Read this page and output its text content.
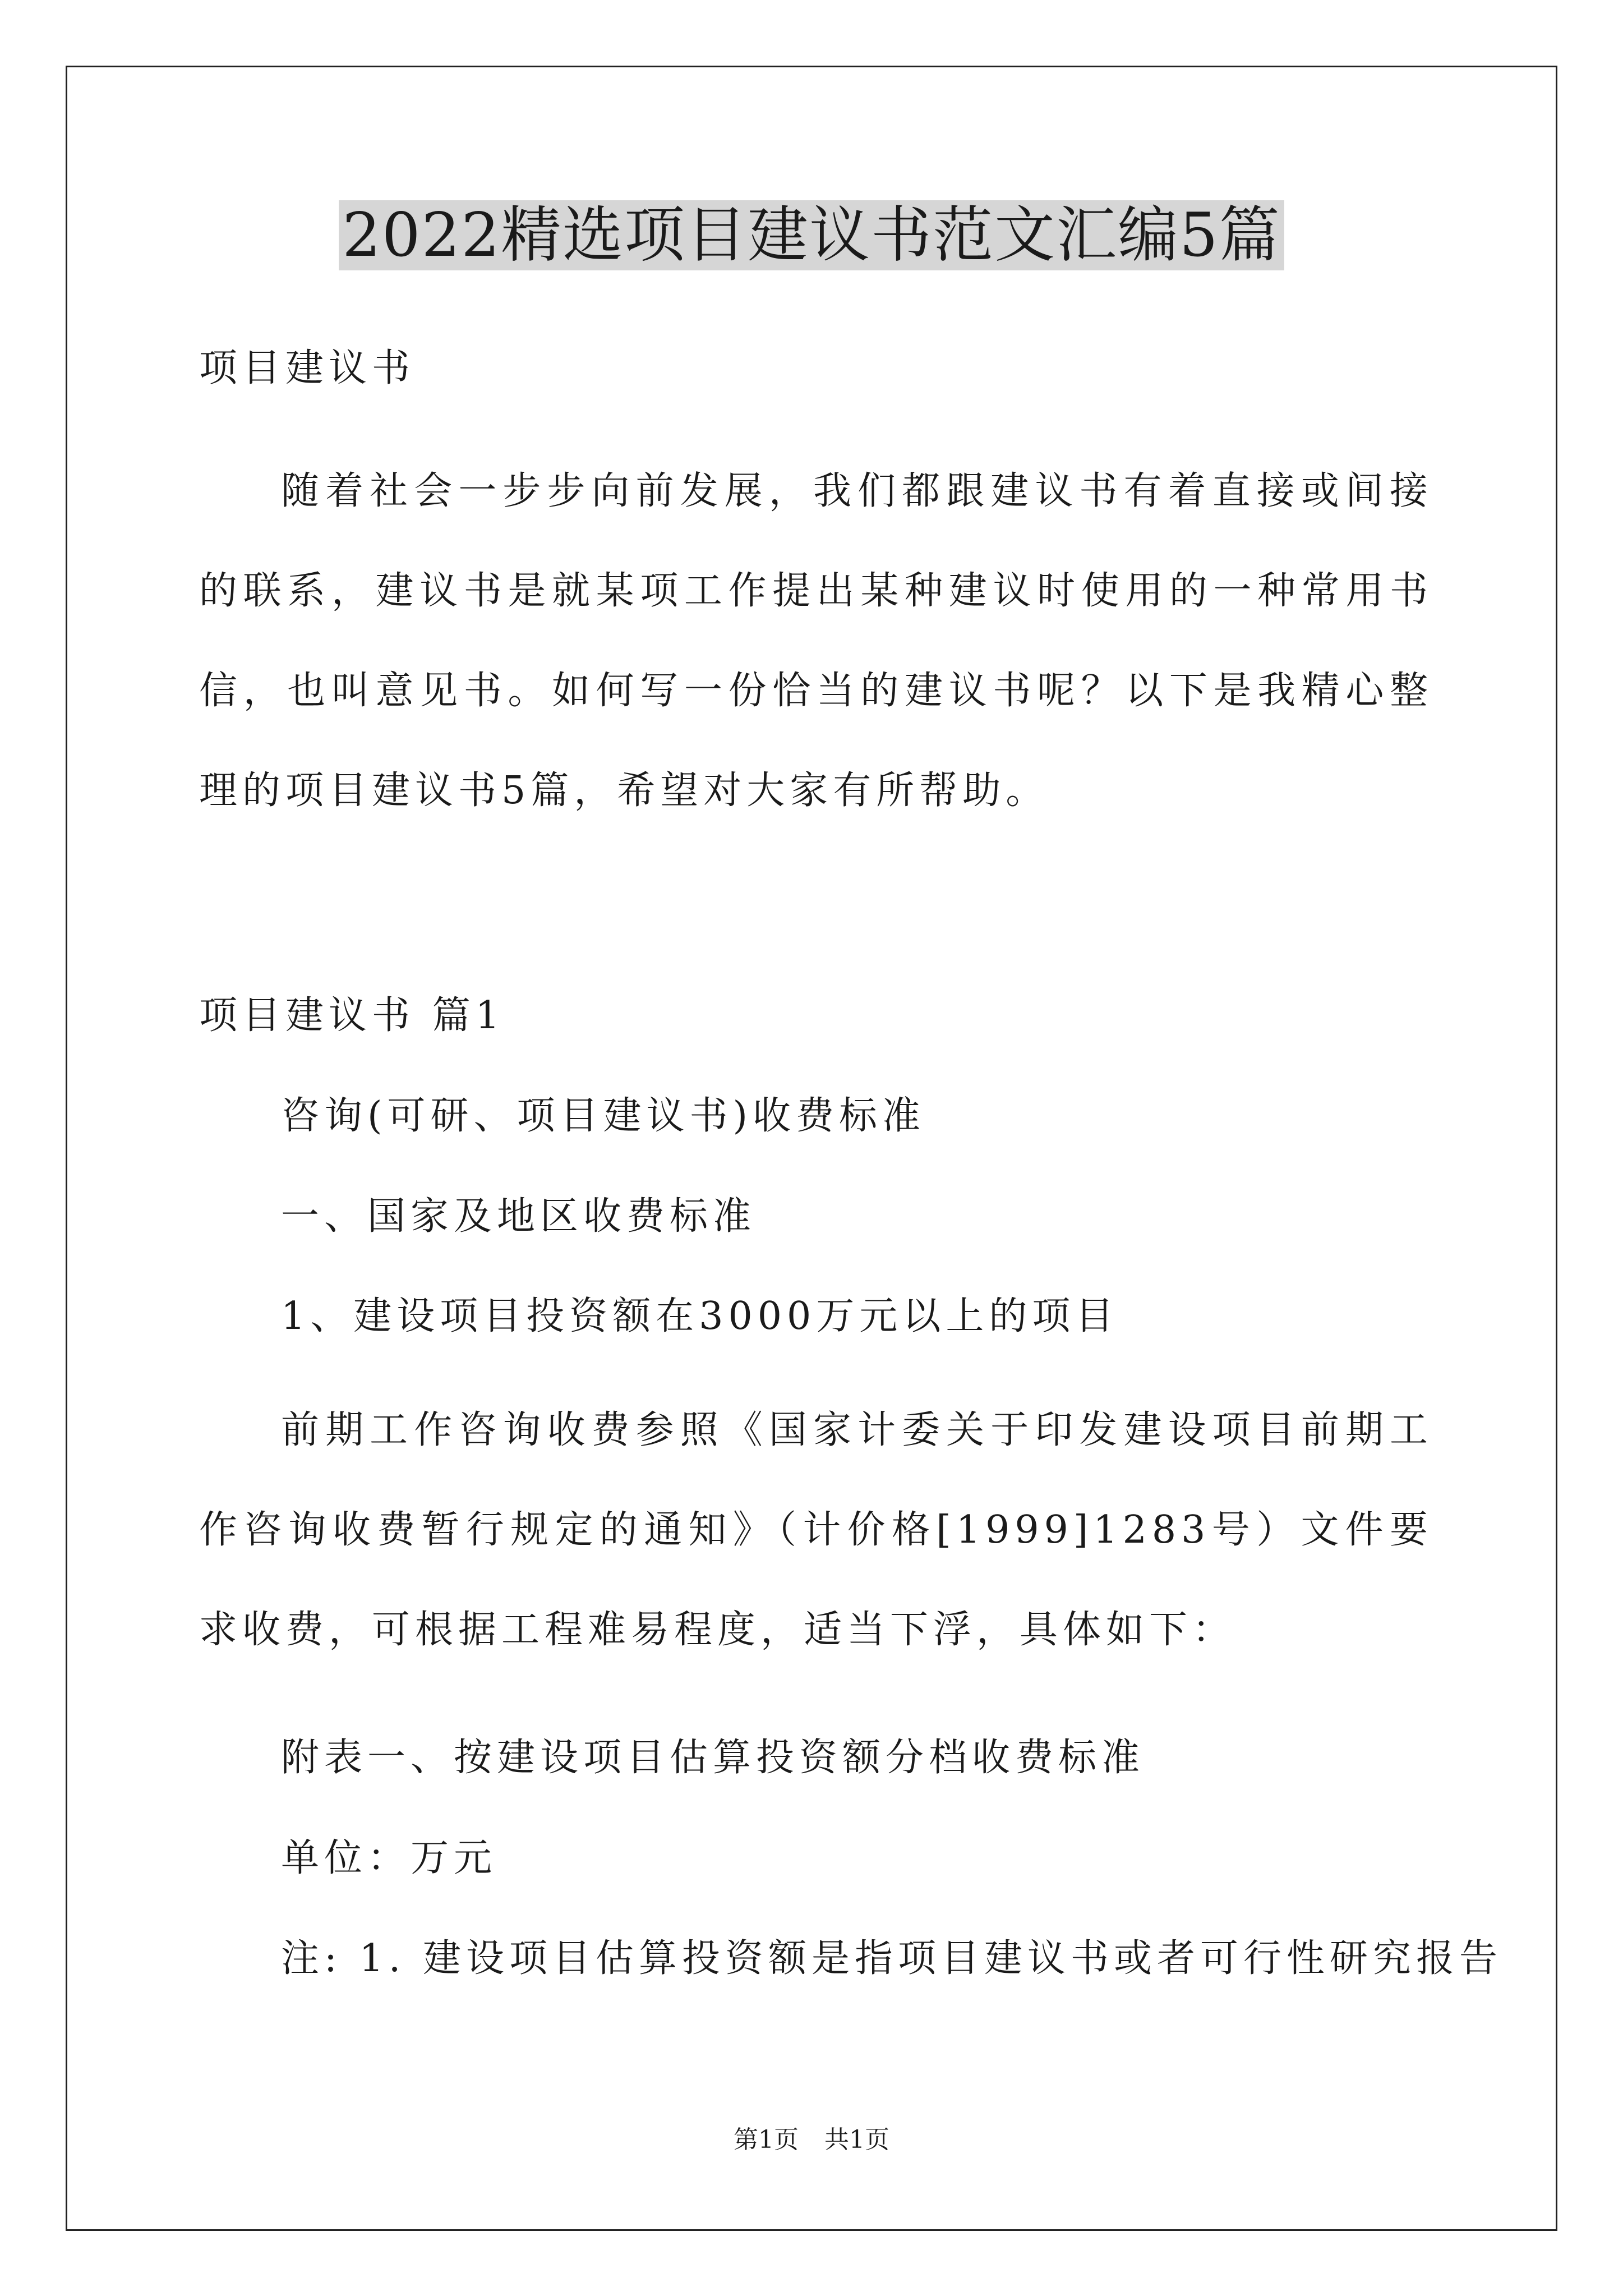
2022精选项目建议书范文汇编5篇
项目建议书
随着社会一步步向前发展，我们都跟建议书有着直接或间接的联系，建议书是就某项工作提出某种建议时使用的一种常用书信，也叫意见书。如何写一份恰当的建议书呢？以下是我精心整理的项目建议书5篇，希望对大家有所帮助。
项目建议书 篇1
咨询(可研、项目建议书)收费标准
一、国家及地区收费标准
1、建设项目投资额在3000万元以上的项目
前期工作咨询收费参照《国家计委关于印发建设项目前期工作咨询收费暂行规定的通知》（计价格[1999]1283号）文件要求收费，可根据工程难易程度，适当下浮，具体如下：
附表一、按建设项目估算投资额分档收费标准
单位：万元
注: 1. 建设项目估算投资额是指项目建议书或者可行性研究报告
第1页 共1页
